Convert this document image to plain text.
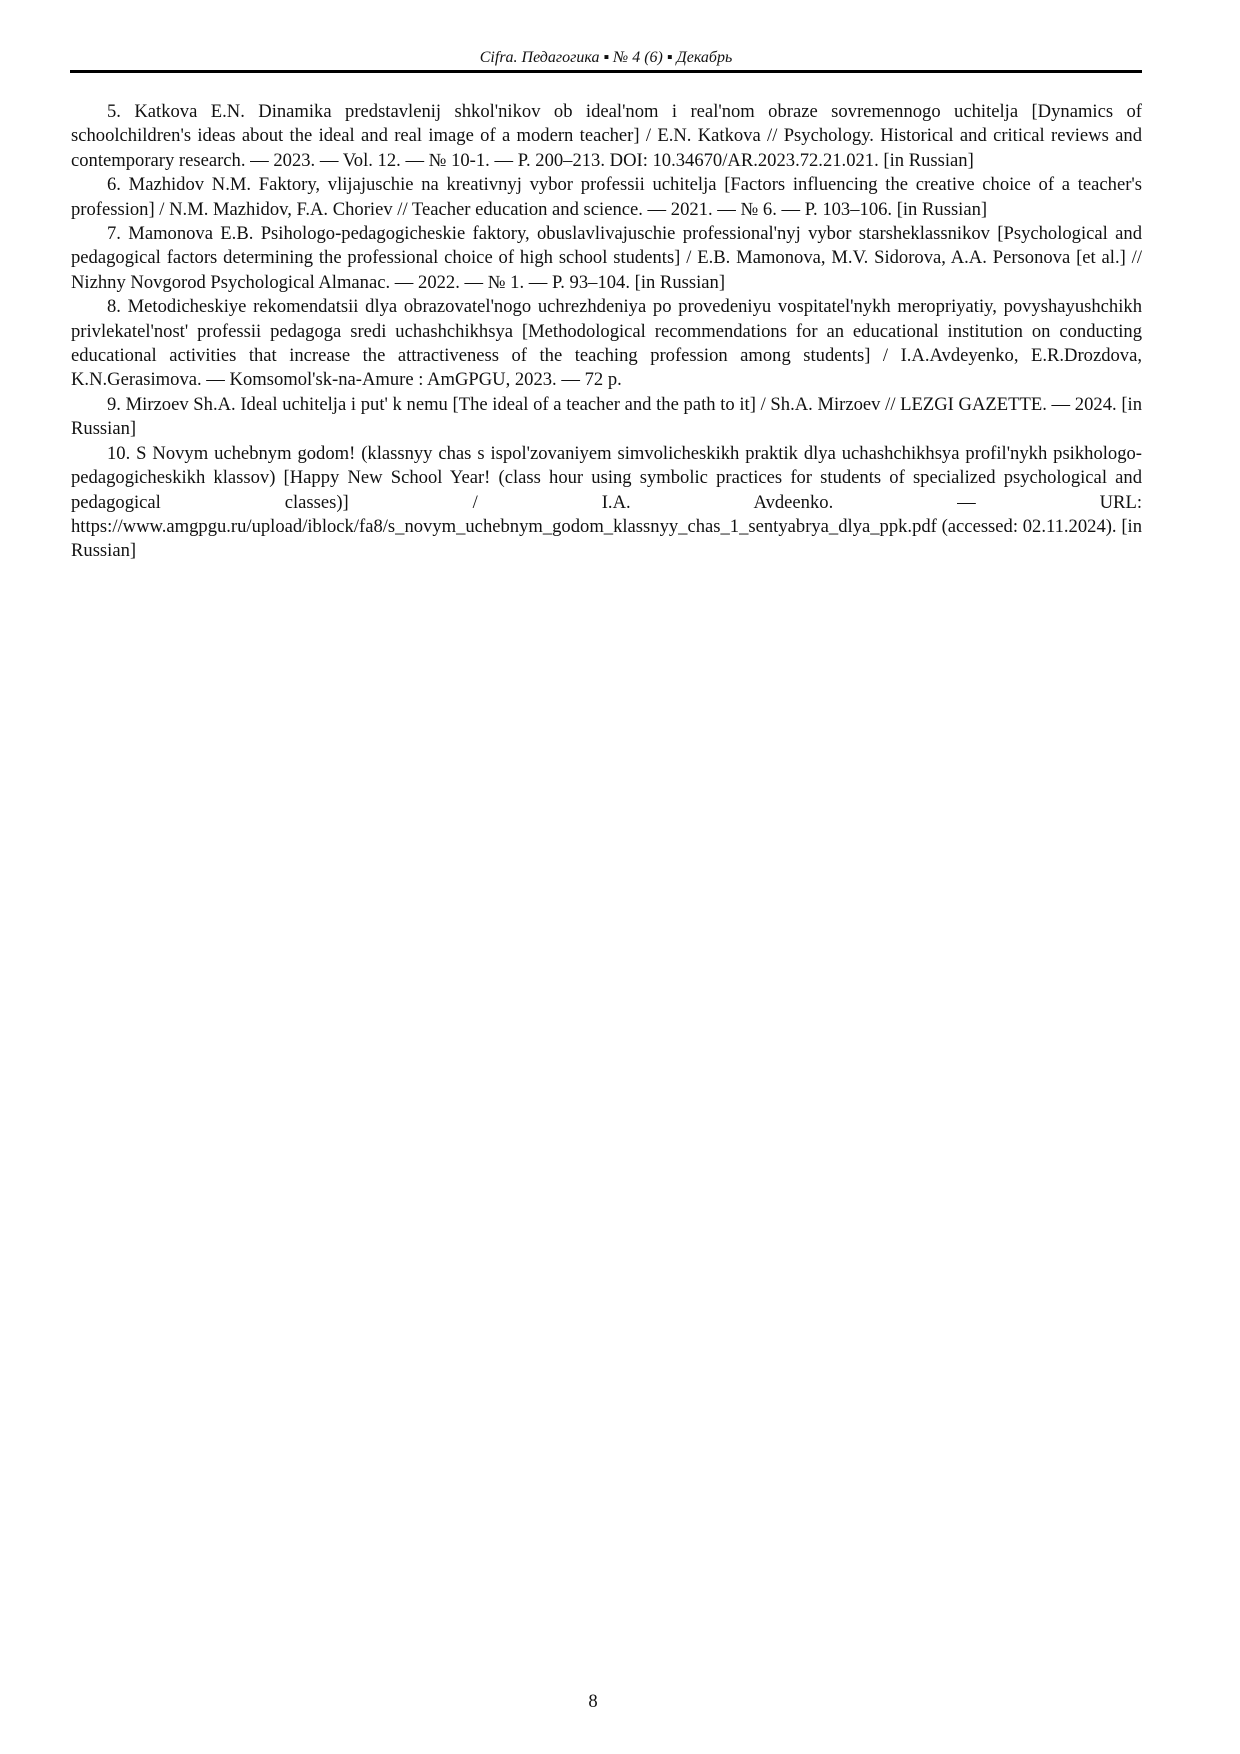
Cifra. Педагогика ▪ № 4 (6) ▪ Декабрь

5. Katkova E.N. Dinamika predstavlenij shkol'nikov ob ideal'nom i real'nom obraze sovremennogo uchitelja [Dynamics of schoolchildren's ideas about the ideal and real image of a modern teacher] / E.N. Katkova // Psychology. Historical and critical reviews and contemporary research. — 2023. — Vol. 12. — № 10-1. — P. 200–213. DOI: 10.34670/AR.2023.72.21.021. [in Russian]

6. Mazhidov N.M. Faktory, vlijajuschie na kreativnyj vybor professii uchitelja [Factors influencing the creative choice of a teacher's profession] / N.M. Mazhidov, F.A. Choriev // Teacher education and science. — 2021. — № 6. — P. 103–106. [in Russian]

7. Mamonova E.B. Psihologo-pedagogicheskie faktory, obuslavlivajuschie professional'nyj vybor starsheklassnikov [Psychological and pedagogical factors determining the professional choice of high school students] / E.B. Mamonova, M.V. Sidorova, A.A. Personova [et al.] // Nizhny Novgorod Psychological Almanac. — 2022. — № 1. — P. 93–104. [in Russian]

8. Metodicheskiye rekomendatsii dlya obrazovatel'nogo uchrezhdeniya po provedeniyu vospitatel'nykh meropriyatiy, povyshayushchikh privlekatel'nost' professii pedagoga sredi uchashchikhsya [Methodological recommendations for an educational institution on conducting educational activities that increase the attractiveness of the teaching profession among students] / I.A.Avdeyenko, E.R.Drozdova, K.N.Gerasimova. — Komsomol'sk-na-Amure : AmGPGU, 2023. — 72 p.

9. Mirzoev Sh.A. Ideal uchitelja i put' k nemu [The ideal of a teacher and the path to it] / Sh.A. Mirzoev // LEZGI GAZETTE. — 2024. [in Russian]

10. S Novym uchebnym godom! (klassnyy chas s ispol'zovaniyem simvolicheskikh praktik dlya uchashchikhsya profil'nykh psikhologo-pedagogicheskikh klassov) [Happy New School Year! (class hour using symbolic practices for students of specialized psychological and pedagogical classes)] / I.A. Avdeenko. — URL: https://www.amgpgu.ru/upload/iblock/fa8/s_novym_uchebnym_godom_klassnyy_chas_1_sentyabrya_dlya_ppk.pdf (accessed: 02.11.2024). [in Russian]

8
